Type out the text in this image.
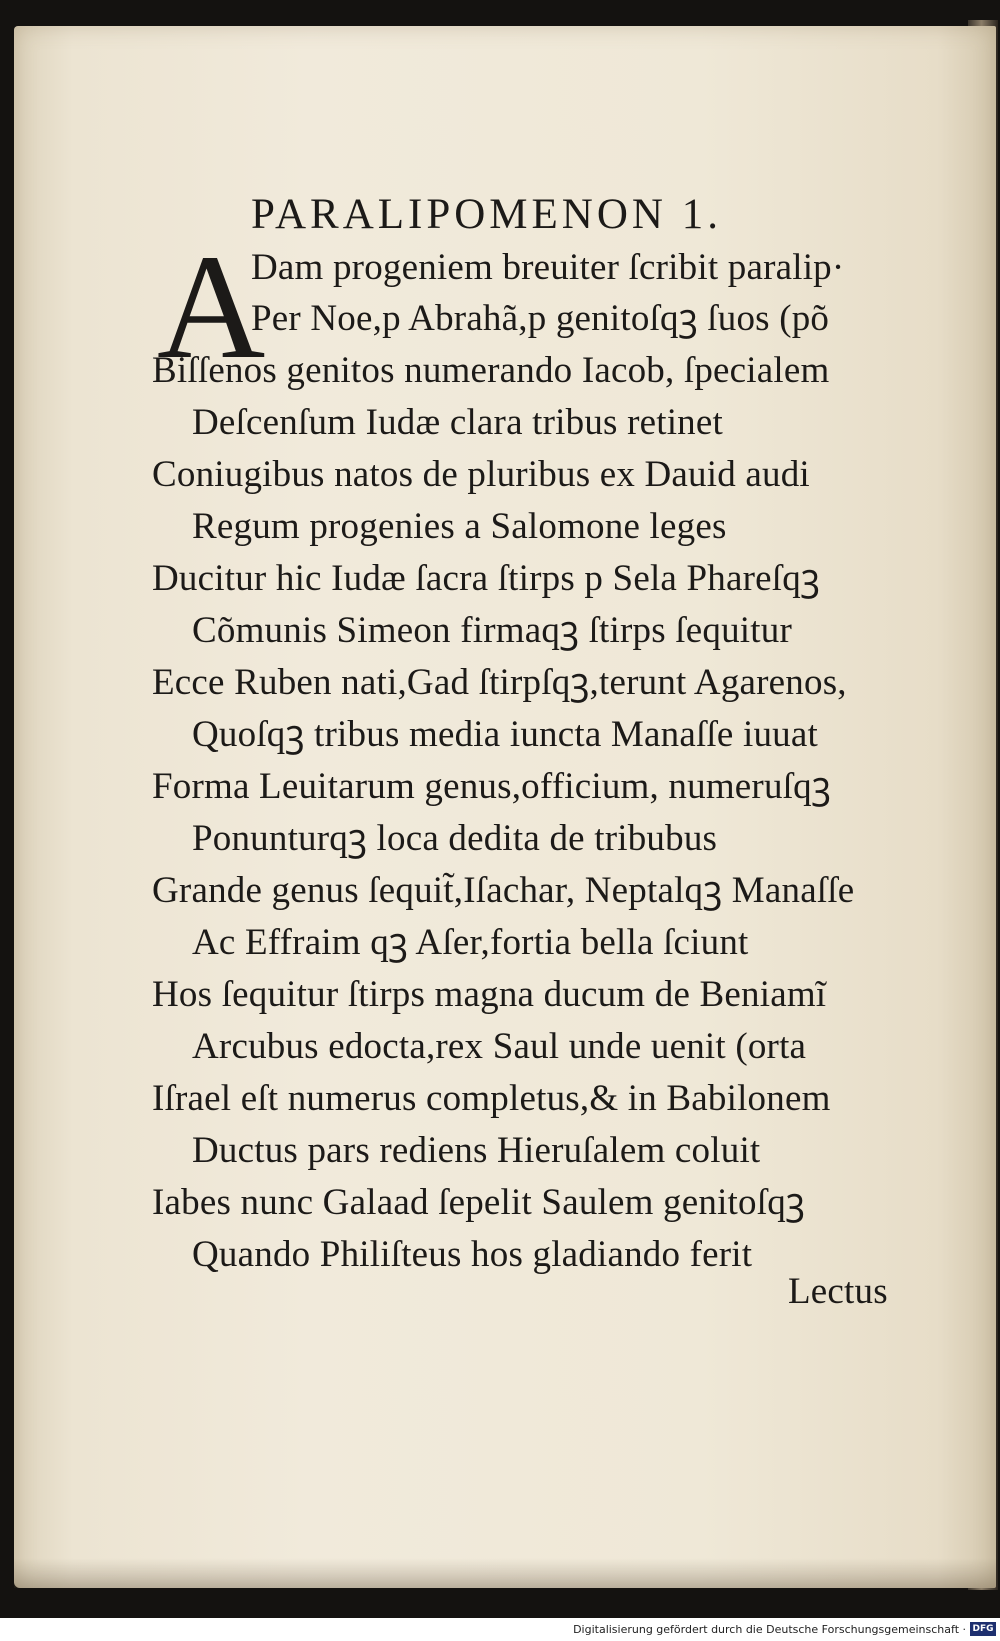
PARALIPOMENON 1.
A
Dam progeniem breuiter ſcribit paralip·
Per Noe,p Abrahã,p genitoſqꝫ ſuos (põ
Biſſenos genitos numerando Iacob, ſpecialem
Deſcenſum Iudæ clara tribus retinet
Coniugibus natos de pluribus ex Dauid audi
Regum progenies a Salomone leges
Ducitur hic Iudæ ſacra ſtirps p Sela Phareſqꝫ
Cõmunis Simeon firmaqꝫ ſtirps ſequitur
Ecce Ruben nati,Gad ſtirpſqꝫ,terunt Agarenos,
Quoſqꝫ tribus media iuncta Manaſſe iuuat
Forma Leuitarum genus,officium, numeruſqꝫ
Ponunturqꝫ loca dedita de tribubus
Grande genus ſequit̃,Iſachar, Neptalqꝫ Manaſſe
Ac Effraim qꝫ Aſer,fortia bella ſciunt
Hos ſequitur ſtirps magna ducum de Beniamĩ
Arcubus edocta,rex Saul unde uenit (orta
Iſrael eſt numerus completus,& in Babilonem
Ductus pars rediens Hieruſalem coluit
Iabes nunc Galaad ſepelit Saulem genitoſqꝫ
Quando Philiſteus hos gladiando ferit
Lectus
Digitalisierung gefördert durch die Deutsche Forschungsgemeinschaft · DFG
